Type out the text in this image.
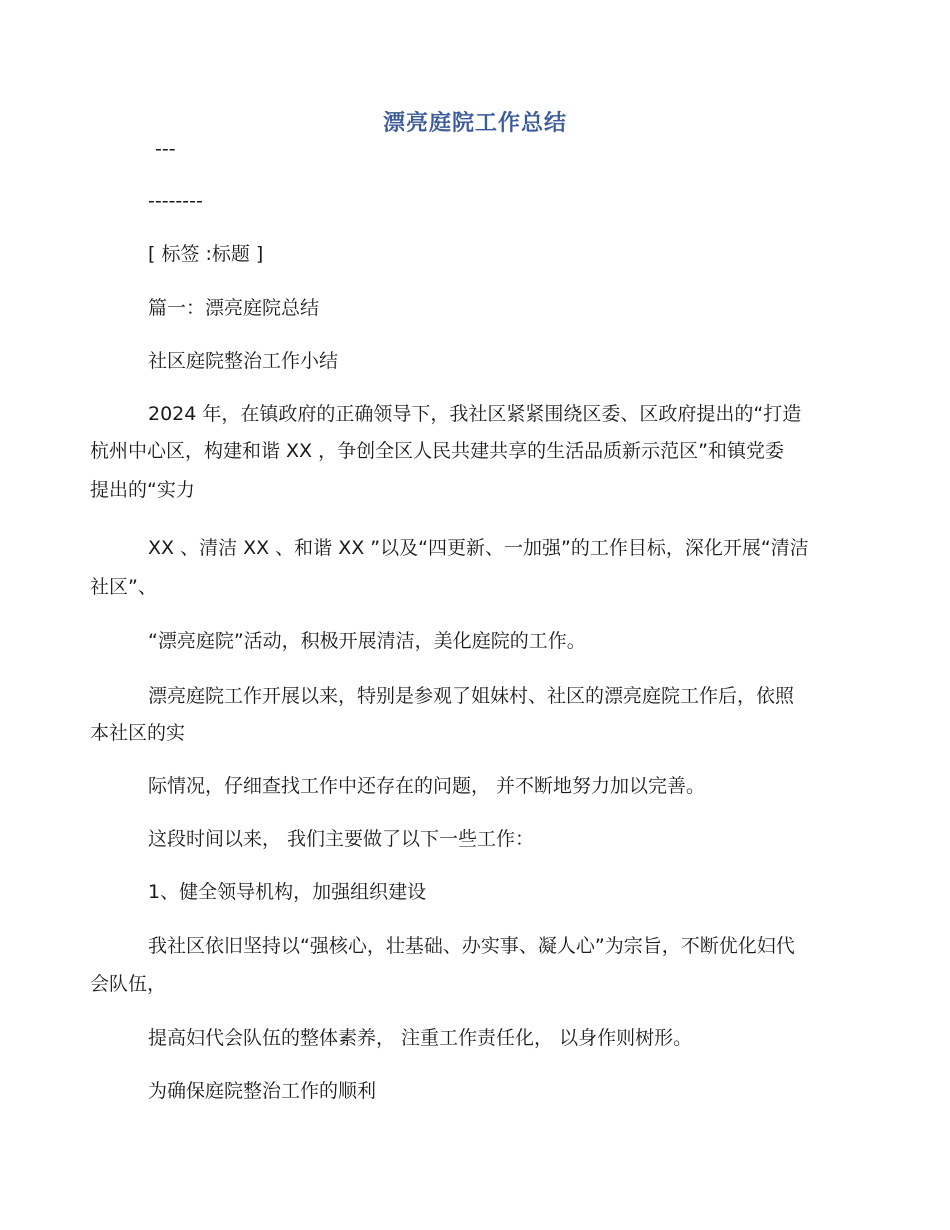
漂亮庭院工作总结
---
--------
[ 标签 :标题 ]
篇一：漂亮庭院总结
社区庭院整治工作小结
2024 年，在镇政府的正确领导下，我社区紧紧围绕区委、区政府提出的“打造
杭州中心区，构建和谐 XX ，争创全区人民共建共享的生活品质新示范区”和镇党委
提出的“实力
XX 、清洁 XX 、和谐 XX ”以及“四更新、一加强”的工作目标，深化开展“清洁
社区”、
“漂亮庭院”活动，积极开展清洁，美化庭院的工作。
漂亮庭院工作开展以来，特别是参观了姐妹村、社区的漂亮庭院工作后，依照
本社区的实
际情况，仔细查找工作中还存在的问题， 并不断地努力加以完善。
这段时间以来， 我们主要做了以下一些工作：
1、健全领导机构，加强组织建设
我社区依旧坚持以“强核心，壮基础、办实事、凝人心”为宗旨，不断优化妇代
会队伍，
提高妇代会队伍的整体素养， 注重工作责任化， 以身作则树形。
为确保庭院整治工作的顺利
